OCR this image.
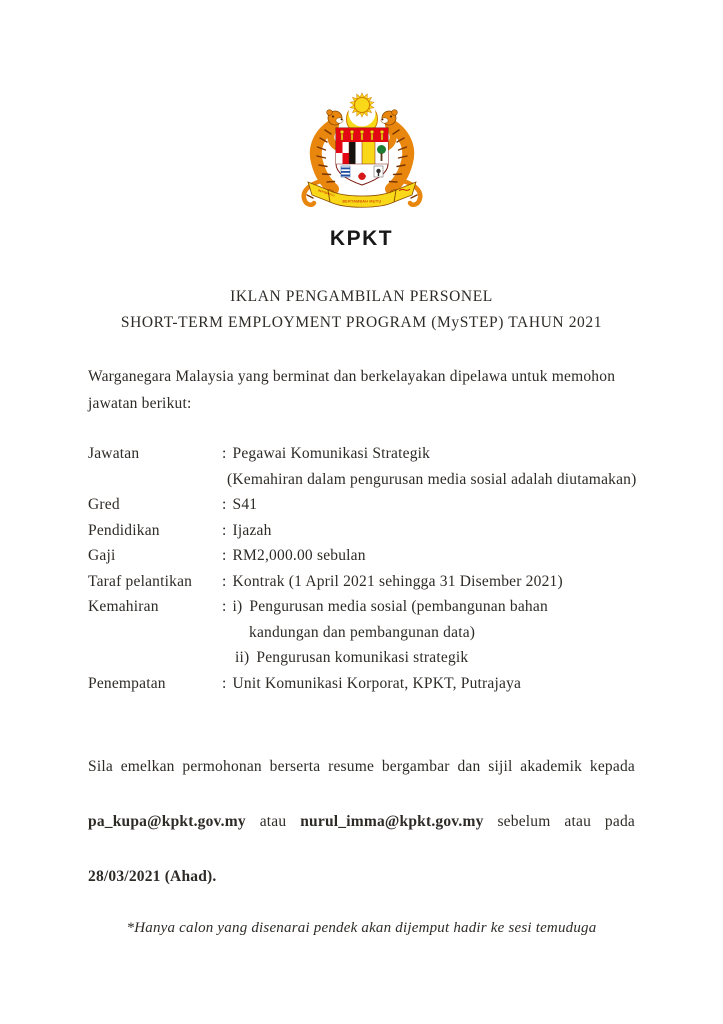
BERSEKUTU
BERTAMBAH MUTU
KPKT
IKLAN PENGAMBILAN PERSONEL
SHORT-TERM EMPLOYMENT PROGRAM (MySTEP) TAHUN 2021
Warganegara Malaysia yang berminat dan berkelayakan dipelawa untuk memohon
jawatan berikut:
Jawatan	: Pegawai Komunikasi Strategik
(Kemahiran dalam pengurusan media sosial adalah diutamakan)
Gred	: S41
Pendidikan	: Ijazah
Gaji	: RM2,000.00 sebulan
Taraf pelantikan	: Kontrak (1 April 2021 sehingga 31 Disember 2021)
Kemahiran	: i) Pengurusan media sosial (pembangunan bahan
kandungan dan pembangunan data)
ii) Pengurusan komunikasi strategik
Penempatan	: Unit Komunikasi Korporat, KPKT, Putrajaya
Sila emelkan permohonan berserta resume bergambar dan sijil akademik kepada
pa_kupa@kpkt.gov.my atau nurul_imma@kpkt.gov.my sebelum atau pada
28/03/2021 (Ahad).
*Hanya calon yang disenarai pendek akan dijemput hadir ke sesi temuduga
